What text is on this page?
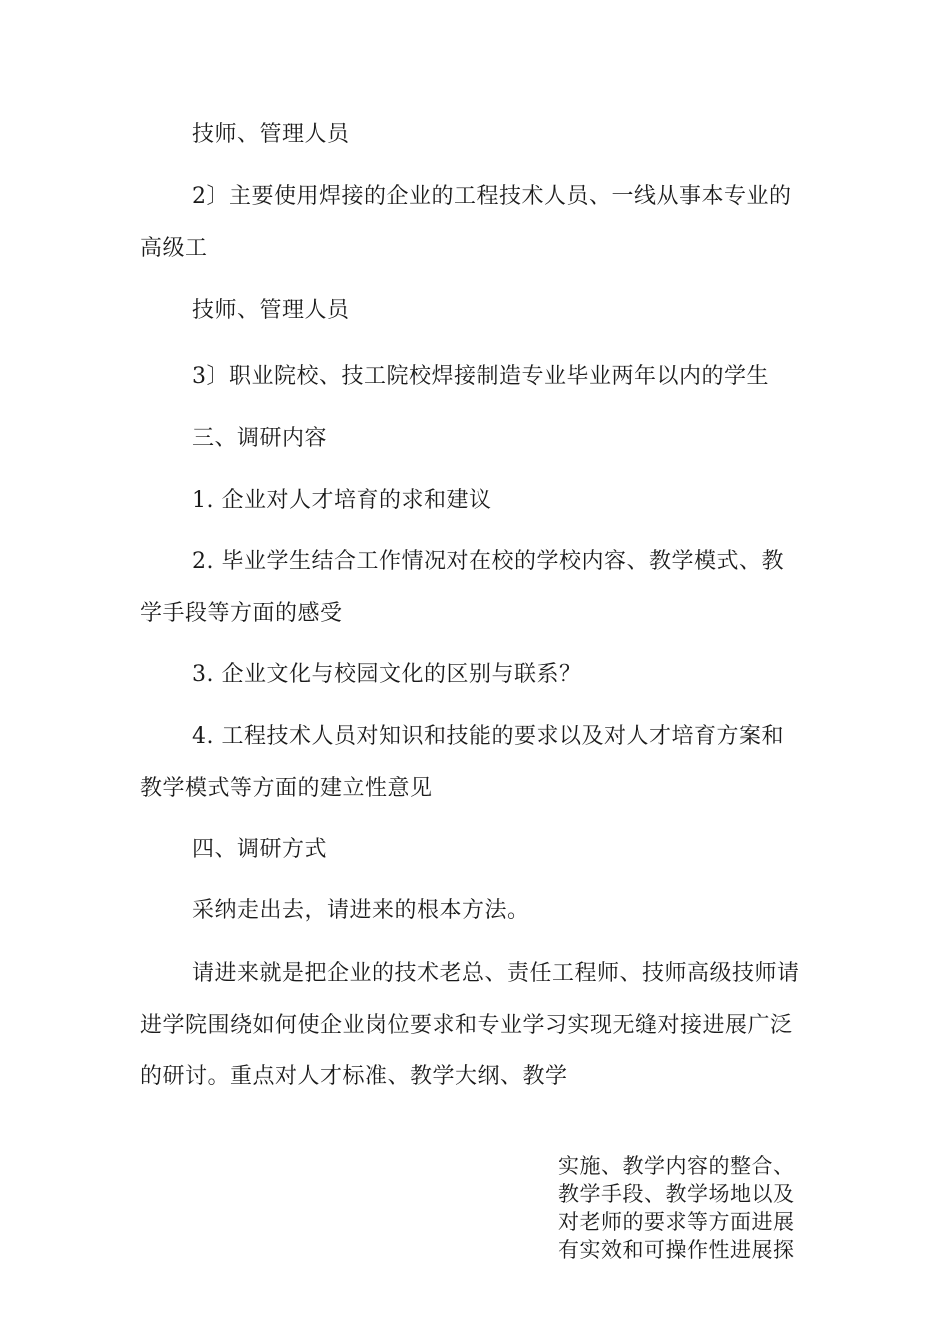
技师、管理人员
2〕主要使用焊接的企业的工程技术人员、一线从事本专业的
高级工
技师、管理人员
3〕职业院校、技工院校焊接制造专业毕业两年以内的学生
三、调研内容
1. 企业对人才培育的求和建议
2. 毕业学生结合工作情况对在校的学校内容、教学模式、教
学手段等方面的感受
3. 企业文化与校园文化的区别与联系？
4. 工程技术人员对知识和技能的要求以及对人才培育方案和
教学模式等方面的建立性意见
四、调研方式
采纳走出去，请进来的根本方法。
请进来就是把企业的技术老总、责任工程师、技师高级技师请
进学院围绕如何使企业岗位要求和专业学习实现无缝对接进展广泛
的研讨。重点对人才标准、教学大纲、教学
实施、教学内容的整合、
教学手段、教学场地以及
对老师的要求等方面进展
有实效和可操作性进展探
